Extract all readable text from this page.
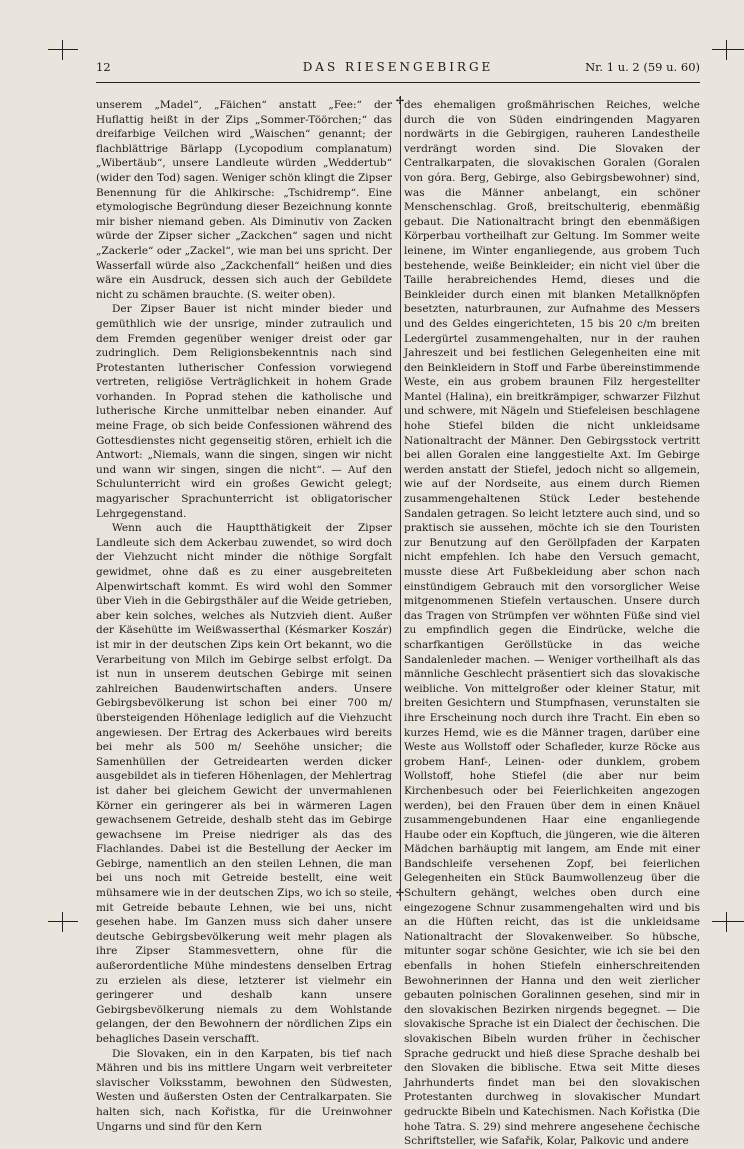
12	DAS RIESENGEBIRGE	Nr. 1 u. 2 (59 u. 60)

unserem „Madel“, „Fäichen“ anstatt „Fee:“ der Huflattig heißt in der Zips „Sommer-Töörchen;“ das dreifarbige Veilchen wird „Waischen“ genannt; der flachblättrige Bärlapp (Lycopodium complanatum) „Wibertäub“, unsere Landleute würden „Weddertub“ (wider den Tod) sagen. Weniger schön klingt die Zipser Benennung für die Ahlkirsche: „Tschidremp“. Eine etymologische Begründung dieser Bezeichnung konnte mir bisher niemand geben. Als Diminutiv von Zacken würde der Zipser sicher „Zackchen“ sagen und nicht „Zackerle“ oder „Zackel“, wie man bei uns spricht. Der Wasserfall würde also „Zackchenfall“ heißen und dies wäre ein Ausdruck, dessen sich auch der Gebildete nicht zu schämen brauchte. (S. weiter oben).

Der Zipser Bauer ist nicht minder bieder und gemüthlich wie der unsrige, minder zutraulich und dem Fremden gegenüber weniger dreist oder gar zudringlich. Dem Religionsbekenntnis nach sind Protestanten lutherischer Confession vorwiegend vertreten, religiöse Verträglichkeit in hohem Grade vorhanden. In Poprad stehen die katholische und lutherische Kirche unmittelbar neben einander. Auf meine Frage, ob sich beide Confessionen während des Gottesdienstes nicht gegenseitig stören, erhielt ich die Antwort: „Niemals, wann die singen, singen wir nicht und wann wir singen, singen die nicht“. — Auf den Schulunterricht wird ein großes Gewicht gelegt; magyarischer Sprachunterricht ist obligatorischer Lehrgegenstand.

Wenn auch die Hauptthätigkeit der Zipser Landleute sich dem Ackerbau zuwendet, so wird doch der Viehzucht nicht minder die nöthige Sorgfalt gewidmet, ohne daß es zu einer ausgebreiteten Alpenwirtschaft kommt. Es wird wohl den Sommer über Vieh in die Gebirgsthäler auf die Weide getrieben, aber kein solches, welches als Nutzvieh dient. Außer der Käsehütte im Weißwasserthal (Késmarker Koszár) ist mir in der deutschen Zips kein Ort bekannt, wo die Verarbeitung von Milch im Gebirge selbst erfolgt. Da ist nun in unserem deutschen Gebirge mit seinen zahlreichen Baudenwirtschaften anders. Unsere Gebirgsbevölkerung ist schon bei einer 700 m/ übersteigenden Höhenlage lediglich auf die Viehzucht angewiesen. Der Ertrag des Ackerbaues wird bereits bei mehr als 500 m/ Seehöhe unsicher; die Samenhüllen der Getreidearten werden dicker ausgebildet als in tieferen Höhenlagen, der Mehlertrag ist daher bei gleichem Gewicht der unvermahlenen Körner ein geringerer als bei in wärmeren Lagen gewachsenem Getreide, deshalb steht das im Gebirge gewachsene im Preise niedriger als das des Flachlandes. Dabei ist die Bestellung der Aecker im Gebirge, namentlich an den steilen Lehnen, die man bei uns noch mit Getreide bestellt, eine weit mühsamere wie in der deutschen Zips, wo ich so steile, mit Getreide bebaute Lehnen, wie bei uns, nicht gesehen habe. Im Ganzen muss sich daher unsere deutsche Gebirgsbevölkerung weit mehr plagen als ihre Zipser Stammesvettern, ohne für die außerordentliche Mühe mindestens denselben Ertrag zu erzielen als diese, letzterer ist vielmehr ein geringerer und deshalb kann unsere Gebirgsbevölkerung niemals zu dem Wohlstande gelangen, der den Bewohnern der nördlichen Zips ein behagliches Dasein verschafft.

Die Slovaken, ein in den Karpaten, bis tief nach Mähren und bis ins mittlere Ungarn weit verbreiteter slavischer Volksstamm, bewohnen den Südwesten, Westen und äußersten Osten der Centralkarpaten. Sie halten sich, nach Kořistka, für die Ureinwohner Ungarns und sind für den Kern

✢
✢

des ehemaligen großmährischen Reiches, welche durch die von Süden eindringenden Magyaren nordwärts in die Gebirgigen, rauheren Landestheile verdrängt worden sind. Die Slovaken der Centralkarpaten, die slovakischen Goralen (Goralen von góra. Berg, Gebirge, also Gebirgsbewohner) sind, was die Männer anbelangt, ein schöner Menschenschlag. Groß, breitschulterig, ebenmäßig gebaut. Die Nationaltracht bringt den ebenmäßigen Körperbau vortheilhaft zur Geltung. Im Sommer weite leinene, im Winter enganliegende, aus grobem Tuch bestehende, weiße Beinkleider; ein nicht viel über die Taille herabreichendes Hemd, dieses und die Beinkleider durch einen mit blanken Metallknöpfen besetzten, naturbraunen, zur Aufnahme des Messers und des Geldes eingerichteten, 15 bis 20 c/m breiten Ledergürtel zusammengehalten, nur in der rauhen Jahreszeit und bei festlichen Gelegenheiten eine mit den Beinkleidern in Stoff und Farbe übereinstimmende Weste, ein aus grobem braunen Filz hergestellter Mantel (Halina), ein breitkrämpiger, schwarzer Filzhut und schwere, mit Nägeln und Stiefeleisen beschlagene hohe Stiefel bilden die nicht unkleidsame Nationaltracht der Männer. Den Gebirgsstock vertritt bei allen Goralen eine langgestielte Axt. Im Gebirge werden anstatt der Stiefel, jedoch nicht so allgemein, wie auf der Nordseite, aus einem durch Riemen zusammengehaltenen Stück Leder bestehende Sandalen getragen. So leicht letztere auch sind, und so praktisch sie aussehen, möchte ich sie den Touristen zur Benutzung auf den Geröllpfaden der Karpaten nicht empfehlen. Ich habe den Versuch gemacht, musste diese Art Fußbekleidung aber schon nach einstündigem Gebrauch mit den vorsorglicher Weise mitgenommenen Stiefeln vertauschen. Unsere durch das Tragen von Strümpfen ver wöhnten Füße sind viel zu empfindlich gegen die Eindrücke, welche die scharfkantigen Geröllstücke in das weiche Sandalenleder machen. — Weniger vortheilhaft als das männliche Geschlecht präsentiert sich das slovakische weibliche. Von mittelgroßer oder kleiner Statur, mit breiten Gesichtern und Stumpfnasen, verunstalten sie ihre Erscheinung noch durch ihre Tracht. Ein eben so kurzes Hemd, wie es die Männer tragen, darüber eine Weste aus Wollstoff oder Schafleder, kurze Röcke aus grobem Hanf-, Leinen- oder dunklem, grobem Wollstoff, hohe Stiefel (die aber nur beim Kirchenbesuch oder bei Feierlichkeiten angezogen werden), bei den Frauen über dem in einen Knäuel zusammengebundenen Haar eine enganliegende Haube oder ein Kopftuch, die jüngeren, wie die älteren Mädchen barhäuptig mit langem, am Ende mit einer Bandschleife versehenen Zopf, bei feierlichen Gelegenheiten ein Stück Baumwollenzeug über die Schultern gehängt, welches oben durch eine eingezogene Schnur zusammengehalten wird und bis an die Hüften reicht, das ist die unkleidsame Nationaltracht der Slovakenweiber. So hübsche, mitunter sogar schöne Gesichter, wie ich sie bei den ebenfalls in hohen Stiefeln einherschreitenden Bewohnerinnen der Hanna und den weit zierlicher gebauten polnischen Goralinnen gesehen, sind mir in den slovakischen Bezirken nirgends begegnet. — Die slovakische Sprache ist ein Dialect der čechischen. Die slovakischen Bibeln wurden früher in čechischer Sprache gedruckt und hieß diese Sprache deshalb bei den Slovaken die biblische. Etwa seit Mitte dieses Jahrhunderts findet man bei den slovakischen Protestanten durchweg in slovakischer Mundart gedruckte Bibeln und Katechismen. Nach Kořistka (Die hohe Tatra. S. 29) sind mehrere angesehene čechische Schriftsteller, wie Safařik, Kolar, Palkovic und andere
